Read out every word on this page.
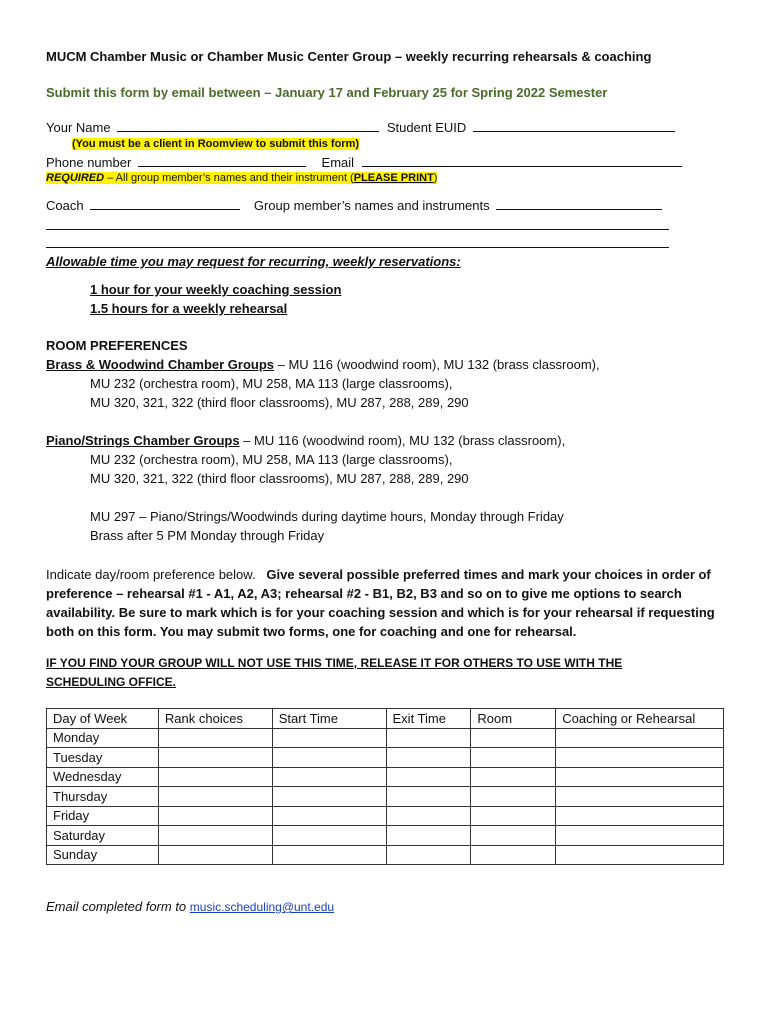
MUCM Chamber Music or Chamber Music Center Group – weekly recurring rehearsals & coaching
Submit this form by email between – January 17 and February 25 for Spring 2022 Semester
Your Name	Student EUID
(You must be a client in Roomview to submit this form)
Phone number	Email
REQUIRED – All group member’s names and their instrument (PLEASE PRINT)
Coach	Group member’s names and instruments
Allowable time you may request for recurring, weekly reservations:
1 hour for your weekly coaching session
1.5 hours for a weekly rehearsal
ROOM PREFERENCES
Brass & Woodwind Chamber Groups – MU 116 (woodwind room), MU 132 (brass classroom),
MU 232 (orchestra room), MU 258, MA 113 (large classrooms),
MU 320, 321, 322 (third floor classrooms), MU 287, 288, 289, 290
Piano/Strings Chamber Groups – MU 116 (woodwind room), MU 132 (brass classroom),
MU 232 (orchestra room), MU 258, MA 113 (large classrooms),
MU 320, 321, 322 (third floor classrooms), MU 287, 288, 289, 290
MU 297 – Piano/Strings/Woodwinds during daytime hours, Monday through Friday
Brass after 5 PM Monday through Friday
Indicate day/room preference below. Give several possible preferred times and mark your choices in order of preference – rehearsal #1 - A1, A2, A3; rehearsal #2 - B1, B2, B3 and so on to give me options to search availability. Be sure to mark which is for your coaching session and which is for your rehearsal if requesting both on this form. You may submit two forms, one for coaching and one for rehearsal.
IF YOU FIND YOUR GROUP WILL NOT USE THIS TIME, RELEASE IT FOR OTHERS TO USE WITH THE SCHEDULING OFFICE.
Day of Week	Rank choices	Start Time	Exit Time	Room	Coaching or Rehearsal
Monday					
Tuesday					
Wednesday					
Thursday					
Friday					
Saturday					
Sunday					
Email completed form to music.scheduling@unt.edu
